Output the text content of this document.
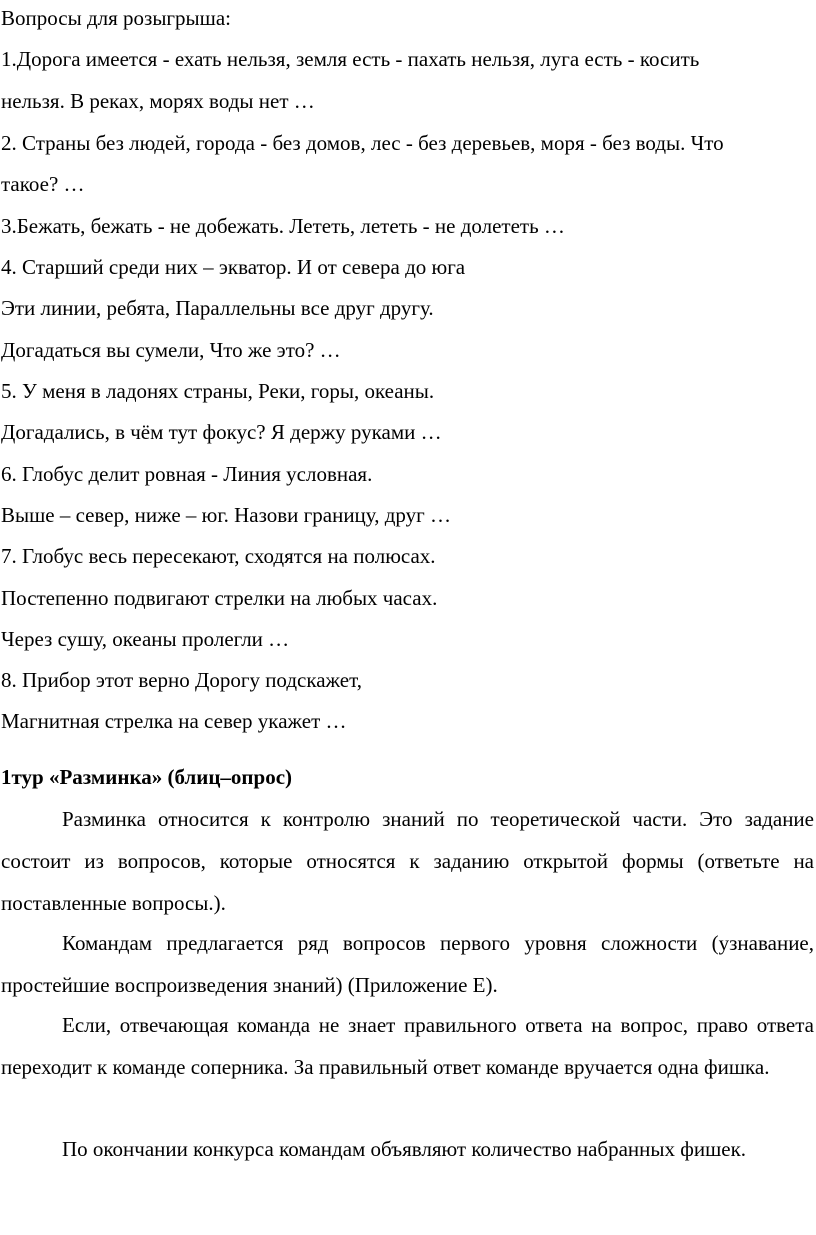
Вопросы для розыгрыша:

1.Дорога имеется - ехать нельзя, земля есть - пахать нельзя, луга есть - косить

нельзя. В реках, морях воды нет …

2. Страны без людей, города - без домов, лес - без деревьев, моря - без воды. Что

такое? …

3.Бежать, бежать - не добежать. Лететь, лететь - не долететь …

4. Старший среди них – экватор. И от севера до юга

Эти линии, ребята, Параллельны все друг другу.

Догадаться вы сумели, Что же это? …

5. У меня в ладонях страны, Реки, горы, океаны.

Догадались, в чём тут фокус? Я держу руками …

6. Глобус делит ровная - Линия условная.

Выше – север, ниже – юг. Назови границу, друг …

7. Глобус весь пересекают, сходятся на полюсах.

Постепенно подвигают стрелки на любых часах.

Через сушу, океаны пролегли …

8. Прибор этот верно Дорогу подскажет,

Магнитная стрелка на север укажет …

1тур «Разминка» (блиц–опрос)

Разминка относится к контролю знаний по теоретической части. Это задание состоит из вопросов, которые относятся к заданию открытой формы (ответьте на поставленные вопросы.).

Командам предлагается ряд вопросов первого уровня сложности (узнавание, простейшие воспроизведения знаний) (Приложение Е).

Если, отвечающая команда не знает правильного ответа на вопрос, право ответа переходит к команде соперника. За правильный ответ команде вручается одна фишка.

По окончании конкурса командам объявляют количество набранных фишек.
